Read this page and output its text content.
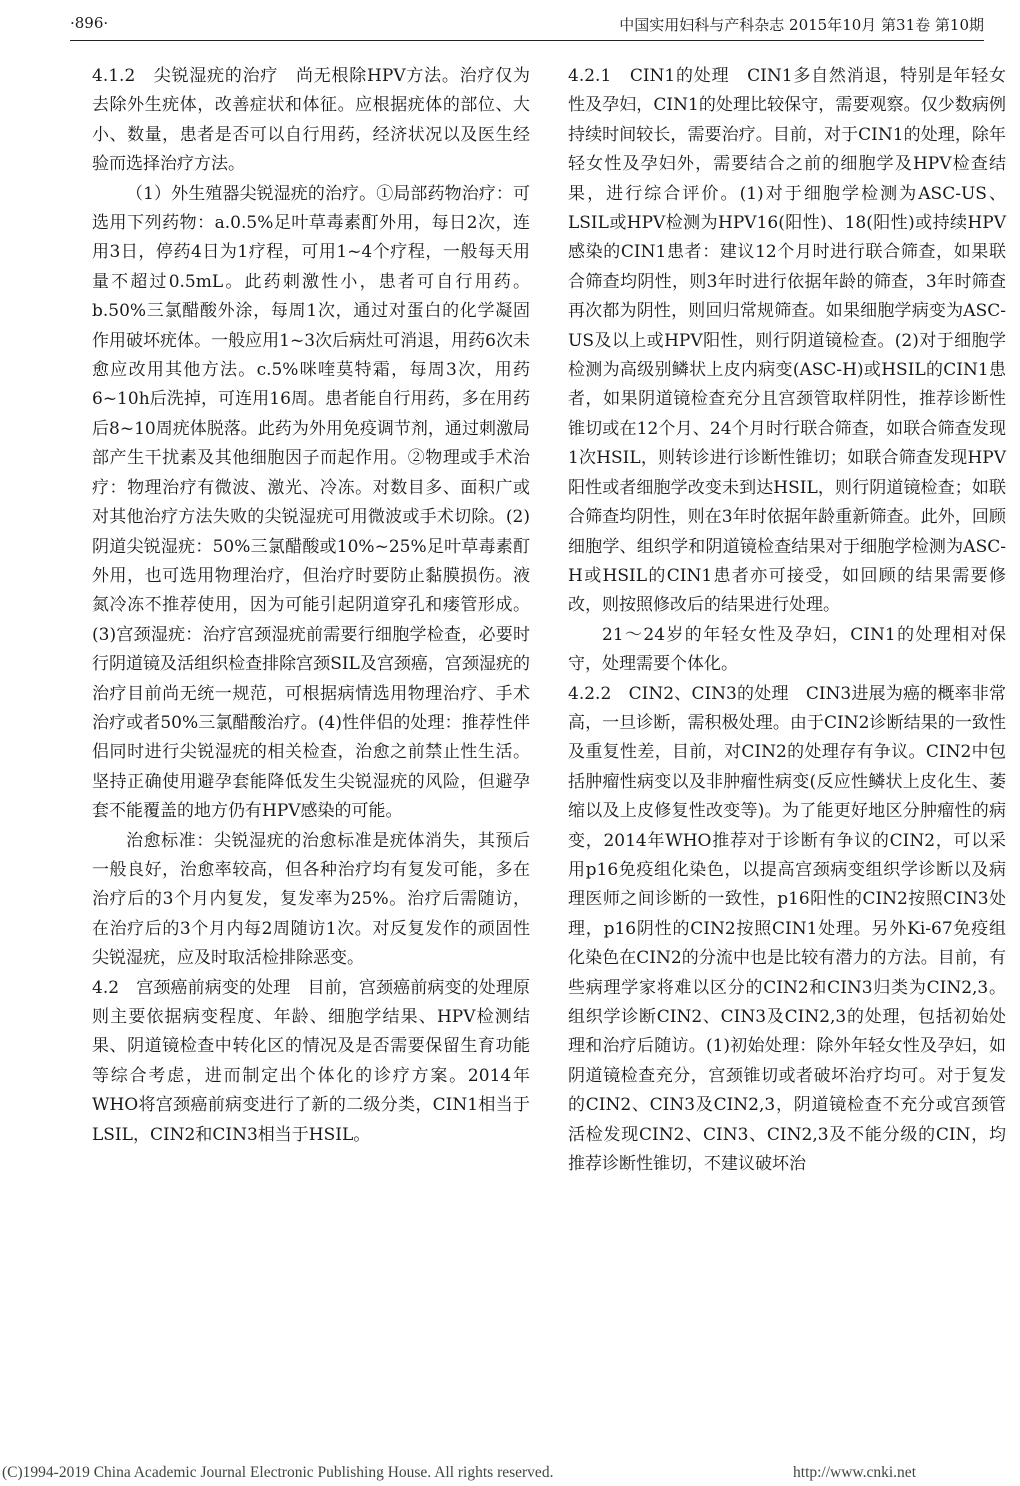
·896·	中国实用妇科与产科杂志 2015年10月 第31卷 第10期

4.1.2　尖锐湿疣的治疗　尚无根除HPV方法。治疗仅为去除外生疣体，改善症状和体征。应根据疣体的部位、大小、数量，患者是否可以自行用药，经济状况以及医生经验而选择治疗方法。

（1）外生殖器尖锐湿疣的治疗。①局部药物治疗：可选用下列药物：a.0.5%足叶草毒素酊外用，每日2次，连用3日，停药4日为1疗程，可用1~4个疗程，一般每天用量不超过0.5mL。此药刺激性小，患者可自行用药。b.50%三氯醋酸外涂，每周1次，通过对蛋白的化学凝固作用破坏疣体。一般应用1~3次后病灶可消退，用药6次未愈应改用其他方法。c.5%咪喹莫特霜，每周3次，用药6~10h后洗掉，可连用16周。患者能自行用药，多在用药后8~10周疣体脱落。此药为外用免疫调节剂，通过刺激局部产生干扰素及其他细胞因子而起作用。②物理或手术治疗：物理治疗有微波、激光、冷冻。对数目多、面积广或对其他治疗方法失败的尖锐湿疣可用微波或手术切除。(2)阴道尖锐湿疣：50%三氯醋酸或10%~25%足叶草毒素酊外用，也可选用物理治疗，但治疗时要防止黏膜损伤。液氮冷冻不推荐使用，因为可能引起阴道穿孔和瘘管形成。(3)宫颈湿疣：治疗宫颈湿疣前需要行细胞学检查，必要时行阴道镜及活组织检查排除宫颈SIL及宫颈癌，宫颈湿疣的治疗目前尚无统一规范，可根据病情选用物理治疗、手术治疗或者50%三氯醋酸治疗。(4)性伴侣的处理：推荐性伴侣同时进行尖锐湿疣的相关检查，治愈之前禁止性生活。坚持正确使用避孕套能降低发生尖锐湿疣的风险，但避孕套不能覆盖的地方仍有HPV感染的可能。

治愈标准：尖锐湿疣的治愈标准是疣体消失，其预后一般良好，治愈率较高，但各种治疗均有复发可能，多在治疗后的3个月内复发，复发率为25%。治疗后需随访，在治疗后的3个月内每2周随访1次。对反复发作的顽固性尖锐湿疣，应及时取活检排除恶变。

4.2　宫颈癌前病变的处理　目前，宫颈癌前病变的处理原则主要依据病变程度、年龄、细胞学结果、HPV检测结果、阴道镜检查中转化区的情况及是否需要保留生育功能等综合考虑，进而制定出个体化的诊疗方案。2014年WHO将宫颈癌前病变进行了新的二级分类，CIN1相当于LSIL，CIN2和CIN3相当于HSIL。

4.2.1　CIN1的处理　CIN1多自然消退，特别是年轻女性及孕妇，CIN1的处理比较保守，需要观察。仅少数病例持续时间较长，需要治疗。目前，对于CIN1的处理，除年轻女性及孕妇外，需要结合之前的细胞学及HPV检查结果，进行综合评价。(1)对于细胞学检测为ASC-US、LSIL或HPV检测为HPV16(阳性)、18(阳性)或持续HPV感染的CIN1患者：建议12个月时进行联合筛查，如果联合筛查均阴性，则3年时进行依据年龄的筛查，3年时筛查再次都为阴性，则回归常规筛查。如果细胞学病变为ASC-US及以上或HPV阳性，则行阴道镜检查。(2)对于细胞学检测为高级别鳞状上皮内病变(ASC-H)或HSIL的CIN1患者，如果阴道镜检查充分且宫颈管取样阴性，推荐诊断性锥切或在12个月、24个月时行联合筛查，如联合筛查发现1次HSIL，则转诊进行诊断性锥切；如联合筛查发现HPV阳性或者细胞学改变未到达HSIL，则行阴道镜检查；如联合筛查均阴性，则在3年时依据年龄重新筛查。此外，回顾细胞学、组织学和阴道镜检查结果对于细胞学检测为ASC-H或HSIL的CIN1患者亦可接受，如回顾的结果需要修改，则按照修改后的结果进行处理。

21～24岁的年轻女性及孕妇，CIN1的处理相对保守，处理需要个体化。

4.2.2　CIN2、CIN3的处理　CIN3进展为癌的概率非常高，一旦诊断，需积极处理。由于CIN2诊断结果的一致性及重复性差，目前，对CIN2的处理存有争议。CIN2中包括肿瘤性病变以及非肿瘤性病变(反应性鳞状上皮化生、萎缩以及上皮修复性改变等)。为了能更好地区分肿瘤性的病变，2014年WHO推荐对于诊断有争议的CIN2，可以采用p16免疫组化染色，以提高宫颈病变组织学诊断以及病理医师之间诊断的一致性，p16阳性的CIN2按照CIN3处理，p16阴性的CIN2按照CIN1处理。另外Ki-67免疫组化染色在CIN2的分流中也是比较有潜力的方法。目前，有些病理学家将难以区分的CIN2和CIN3归类为CIN2,3。组织学诊断CIN2、CIN3及CIN2,3的处理，包括初始处理和治疗后随访。(1)初始处理：除外年轻女性及孕妇，如阴道镜检查充分，宫颈锥切或者破坏治疗均可。对于复发的CIN2、CIN3及CIN2,3，阴道镜检查不充分或宫颈管活检发现CIN2、CIN3、CIN2,3及不能分级的CIN，均推荐诊断性锥切，不建议破坏治

(C)1994-2019 China Academic Journal Electronic Publishing House. All rights reserved.	http://www.cnki.net
